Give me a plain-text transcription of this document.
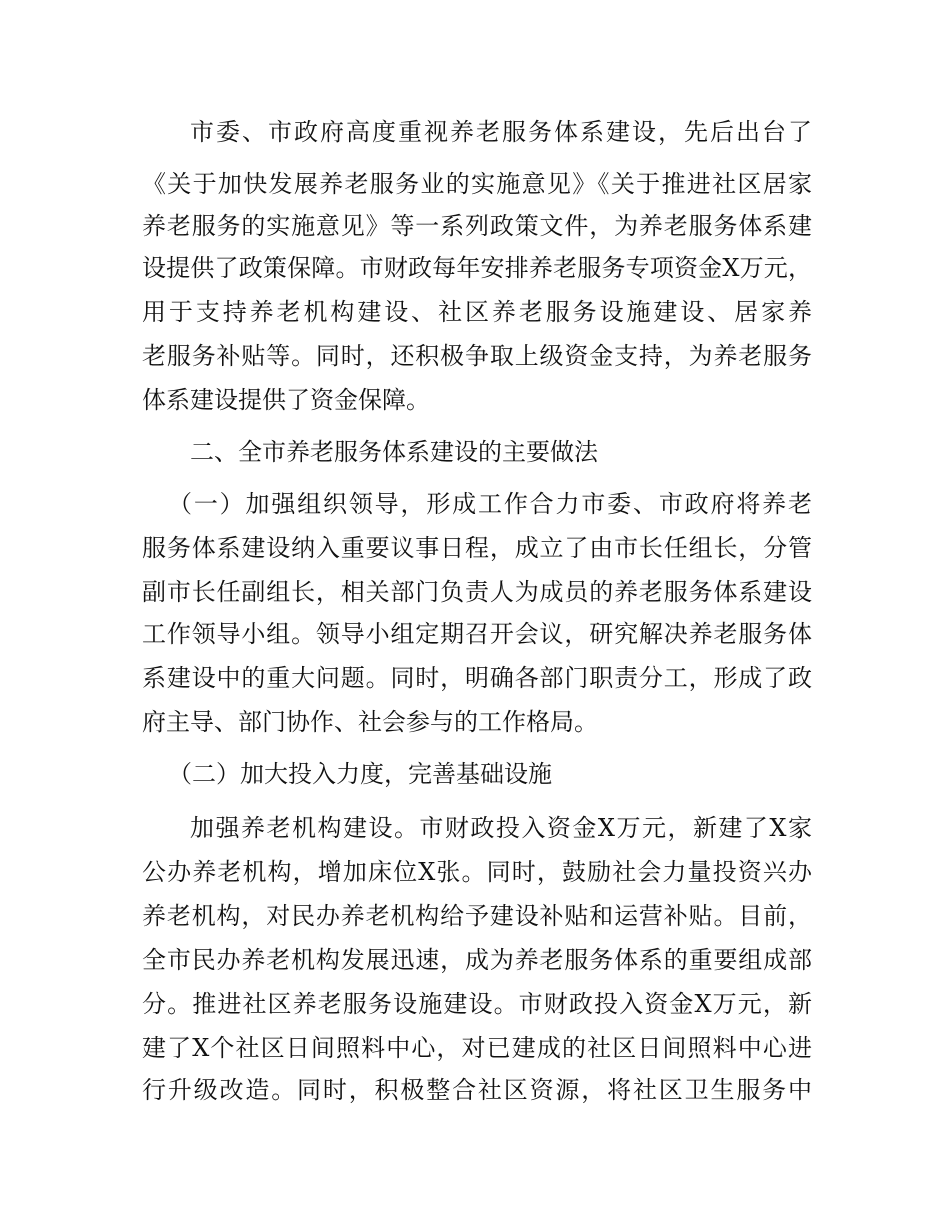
市委、市政府高度重视养老服务体系建设，先后出台了
《关于加快发展养老服务业的实施意见》《关于推进社区居家
养老服务的实施意见》等一系列政策文件，为养老服务体系建
设提供了政策保障。市财政每年安排养老服务专项资金X万元，
用于支持养老机构建设、社区养老服务设施建设、居家养
老服务补贴等。同时，还积极争取上级资金支持，为养老服务
体系建设提供了资金保障。
二、全市养老服务体系建设的主要做法
（一）加强组织领导，形成工作合力市委、市政府将养老
服务体系建设纳入重要议事日程，成立了由市长任组长，分管
副市长任副组长，相关部门负责人为成员的养老服务体系建设
工作领导小组。领导小组定期召开会议，研究解决养老服务体
系建设中的重大问题。同时，明确各部门职责分工，形成了政
府主导、部门协作、社会参与的工作格局。
（二）加大投入力度，完善基础设施
加强养老机构建设。市财政投入资金X万元，新建了X家
公办养老机构，增加床位X张。同时，鼓励社会力量投资兴办
养老机构，对民办养老机构给予建设补贴和运营补贴。目前，
全市民办养老机构发展迅速，成为养老服务体系的重要组成部
分。推进社区养老服务设施建设。市财政投入资金X万元，新
建了X个社区日间照料中心，对已建成的社区日间照料中心进
行升级改造。同时，积极整合社区资源，将社区卫生服务中
